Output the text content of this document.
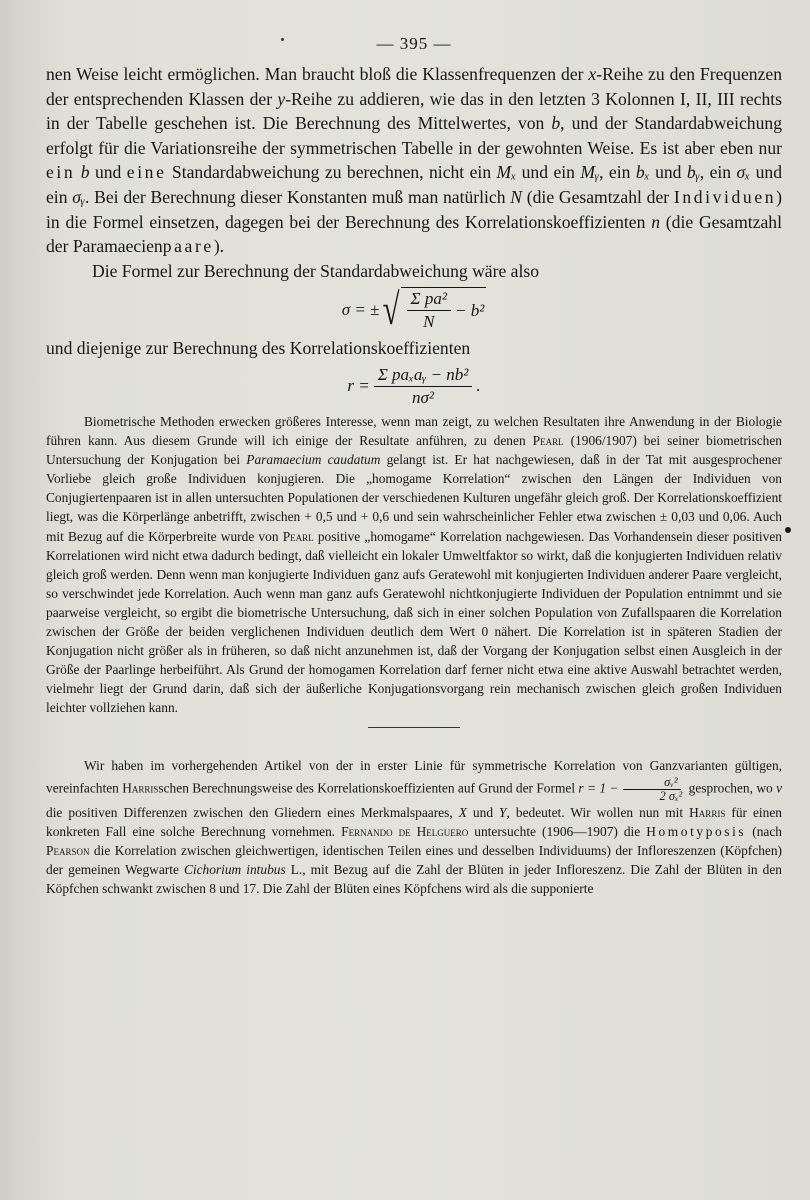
— 395 —

nen Weise leicht ermöglichen. Man braucht bloß die Klassenfrequenzen der x-Reihe zu den Frequenzen der entsprechenden Klassen der y-Reihe zu addieren, wie das in den letzten 3 Kolonnen I, II, III rechts in der Tabelle geschehen ist. Die Berechnung des Mittelwertes, von b, und der Standardabweichung erfolgt für die Variationsreihe der symmetrischen Tabelle in der gewohnten Weise. Es ist aber eben nur ein b und eine Standardabweichung zu berechnen, nicht ein Mₓ und ein Mᵧ, ein bₓ und bᵧ, ein σₓ und ein σᵧ. Bei der Berechnung dieser Konstanten muß man natürlich N (die Gesamtzahl der Individuen) in die Formel einsetzen, dagegen bei der Berechnung des Korrelationskoeffizienten n (die Gesamtzahl der Paramaecienpaare).

Die Formel zur Berechnung der Standardabweichung wäre also

σ = ± √ $\frac{\text{Σ pa²}}{N} - b^2$

und diejenige zur Berechnung des Korrelationskoeffizienten

$r = \frac{\text{Σ paₓaᵧ − nb²}}{\text{nσ²}}$ .

Biometrische Methoden erwecken größeres Interesse, wenn man zeigt, zu welchen Resultaten ihre Anwendung in der Biologie führen kann. Aus diesem Grunde will ich einige der Resultate anführen, zu denen Pearl (1906/1907) bei seiner biometrischen Untersuchung der Konjugation bei Paramaecium caudatum gelangt ist. Er hat nachgewiesen, daß in der Tat mit ausgesprochener Vorliebe gleich große Individuen konjugieren. Die „homogame Korrelation“ zwischen den Längen der Individuen von Conjugiertenpaaren ist in allen untersuchten Populationen der verschiedenen Kulturen ungefähr gleich groß. Der Korrelationskoeffizient liegt, was die Körperlänge anbetrifft, zwischen + 0,5 und + 0,6 und sein wahrscheinlicher Fehler etwa zwischen ± 0,03 und 0,06. Auch mit Bezug auf die Körperbreite wurde von Pearl positive „homogame“ Korrelation nachgewiesen. Das Vorhandensein dieser positiven Korrelationen wird nicht etwa dadurch bedingt, daß vielleicht ein lokaler Umweltfaktor so wirkt, daß die konjugierten Individuen relativ gleich groß werden. Denn wenn man konjugierte Individuen ganz aufs Geratewohl mit konjugierten Individuen anderer Paare vergleicht, so verschwindet jede Korrelation. Auch wenn man ganz aufs Geratewohl nichtkonjugierte Individuen der Population entnimmt und sie paarweise vergleicht, so ergibt die biometrische Untersuchung, daß sich in einer solchen Population von Zufallspaaren die Korrelation zwischen der Größe der beiden verglichenen Individuen deutlich dem Wert 0 nähert. Die Korrelation ist in späteren Stadien der Konjugation nicht größer als in früheren, so daß nicht anzunehmen ist, daß der Vorgang der Konjugation selbst einen Ausgleich in der Größe der Paarlinge herbeiführt. Als Grund der homogamen Korrelation darf ferner nicht etwa eine aktive Auswahl betrachtet werden, vielmehr liegt der Grund darin, daß sich der äußerliche Konjugationsvorgang rein mechanisch zwischen gleich großen Individuen leichter vollziehen kann.

Wir haben im vorhergehenden Artikel von der in erster Linie für symmetrische Korrelation von Ganzvarianten gültigen, vereinfachten Harrisschen Berechnungsweise des Korrelationskoeffizienten auf Grund der Formel $r = 1 - \frac{\text{σᵥ²}}{\text{2 σₓ²}}$ gesprochen, wo ν die positiven Differenzen zwischen den Gliedern eines Merkmalspaares, X und Y, bedeutet. Wir wollen nun mit Harris für einen konkreten Fall eine solche Berechnung vornehmen. Fernando de Helguero untersuchte (1906—1907) die Homotyposis (nach Pearson die Korrelation zwischen gleichwertigen, identischen Teilen eines und desselben Individuums) der Infloreszenzen (Köpfchen) der gemeinen Wegwarte Cichorium intubus L., mit Bezug auf die Zahl der Blüten in jeder Infloreszenz. Die Zahl der Blüten in den Köpfchen schwankt zwischen 8 und 17. Die Zahl der Blüten eines Köpfchens wird als die supponierte
